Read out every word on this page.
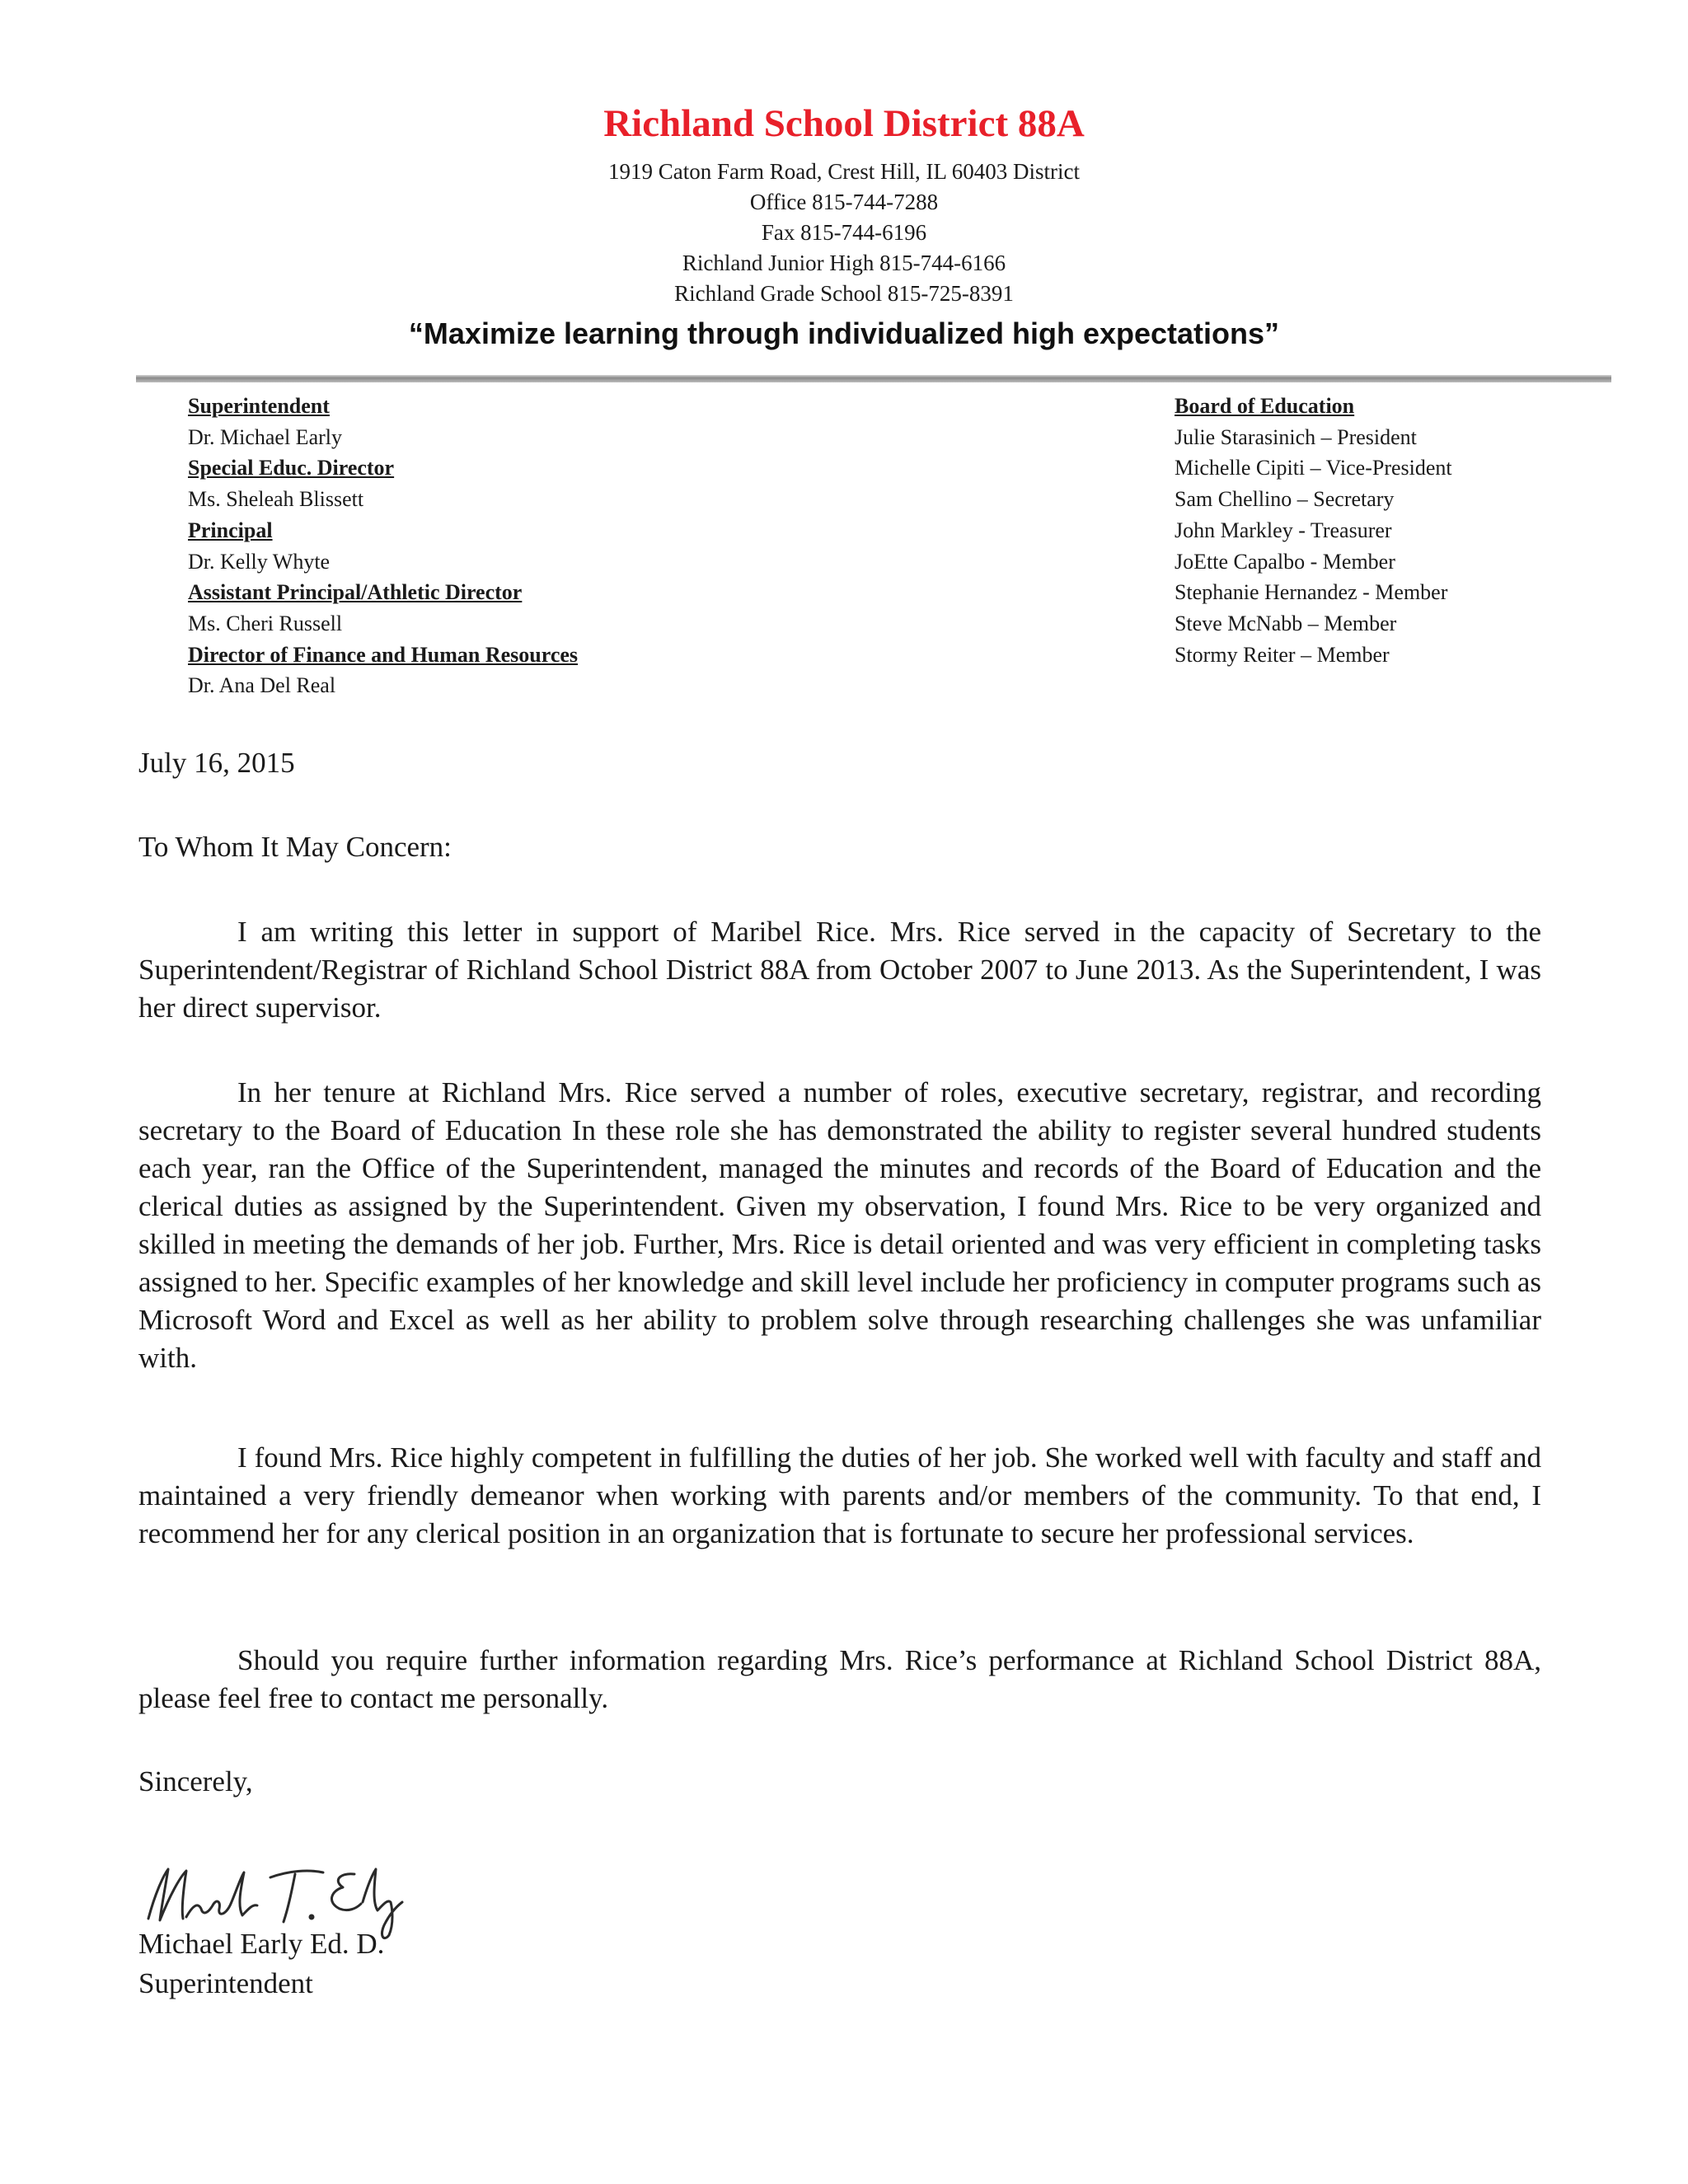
Richland School District 88A

1919 Caton Farm Road, Crest Hill, IL 60403 District

Office 815-744-7288

Fax 815-744-6196

Richland Junior High 815-744-6166

Richland Grade School 815-725-8391

“Maximize learning through individualized high expectations”
Superintendent
Dr. Michael Early
Special Educ. Director
Ms. Sheleah Blissett
Principal
Dr. Kelly Whyte
Assistant Principal/Athletic Director
Ms. Cheri Russell
Director of Finance and Human Resources
Dr. Ana Del Real
Board of Education
Julie Starasinich – President
Michelle Cipiti – Vice-President
Sam Chellino – Secretary
John Markley - Treasurer
JoEtte Capalbo - Member
Stephanie Hernandez - Member
Steve McNabb – Member
Stormy Reiter – Member
July 16, 2015
To Whom It May Concern:

I am writing this letter in support of Maribel Rice. Mrs. Rice served in the capacity of Secretary to the Superintendent/Registrar of Richland School District 88A from October 2007 to June 2013. As the Superintendent, I was her direct supervisor.

In her tenure at Richland Mrs. Rice served a number of roles, executive secretary, registrar, and recording secretary to the Board of Education In these role she has demonstrated the ability to register several hundred students each year, ran the Office of the Superintendent, managed the minutes and records of the Board of Education and the clerical duties as assigned by the Superintendent. Given my observation, I found Mrs. Rice to be very organized and skilled in meeting the demands of her job. Further, Mrs. Rice is detail oriented and was very efficient in completing tasks assigned to her. Specific examples of her knowledge and skill level include her proficiency in computer programs such as Microsoft Word and Excel as well as her ability to problem solve through researching challenges she was unfamiliar with.

I found Mrs. Rice highly competent in fulfilling the duties of her job. She worked well with faculty and staff and maintained a very friendly demeanor when working with parents and/or members of the community. To that end, I recommend her for any clerical position in an organization that is fortunate to secure her professional services.

Should you require further information regarding Mrs. Rice’s performance at Richland School District 88A, please feel free to contact me personally.

Sincerely,
Michael Early Ed. D.
Superintendent
